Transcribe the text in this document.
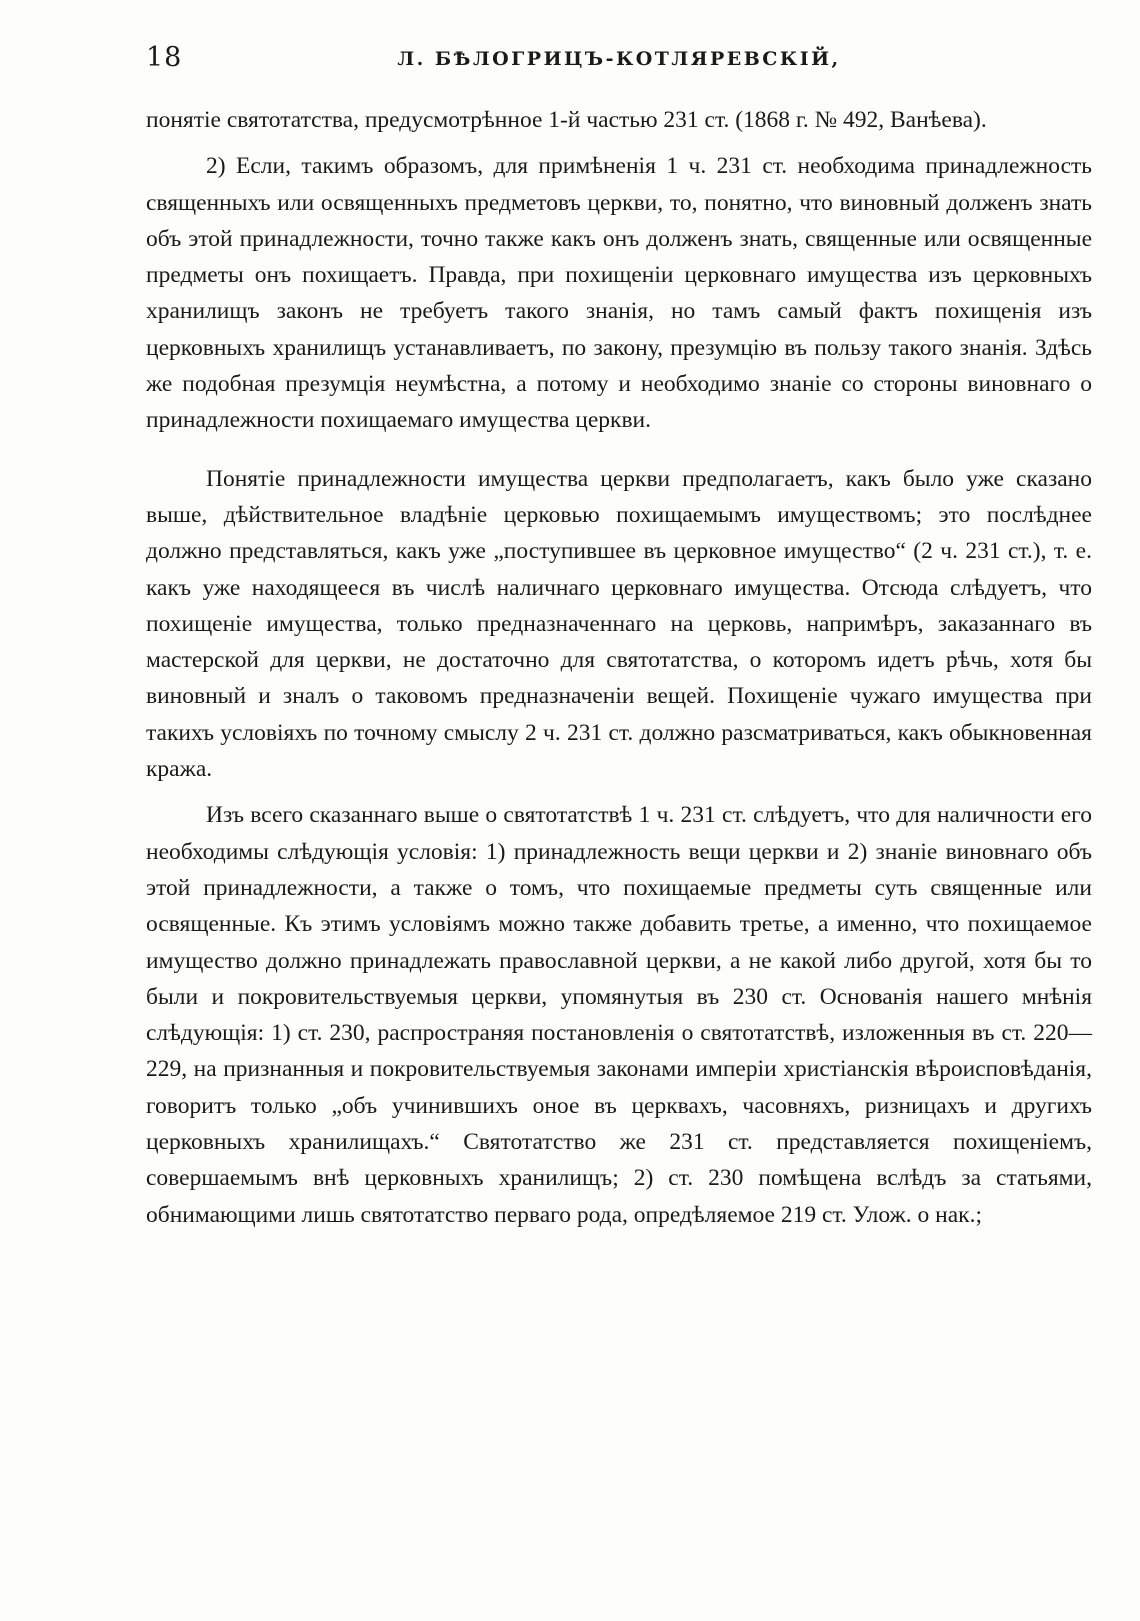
18	Л. БѢЛОГРИЦЪ-КОТЛЯРЕВСКІЙ,

понятіе святотатства, предусмотрѣнное 1-й частью 231 ст. (1868 г. № 492, Ванѣева).

2) Если, такимъ образомъ, для примѣненія 1 ч. 231 ст. необходима принадлежность священныхъ или освященныхъ предметовъ церкви, то, понятно, что виновный долженъ знать объ этой принадлежности, точно также какъ онъ долженъ знать, священные или освященные предметы онъ похищаетъ. Правда, при похищеніи церковнаго имущества изъ церковныхъ хранилищъ законъ не требуетъ такого знанія, но тамъ самый фактъ похищенія изъ церковныхъ хранилищъ устанавливаетъ, по закону, презумцію въ пользу такого знанія. Здѣсь же подобная презумція неумѣстна, а потому и необходимо знаніе со стороны виновнаго о принадлежности похищаемаго имущества церкви.

Понятіе принадлежности имущества церкви предполагаетъ, какъ было уже сказано выше, дѣйствительное владѣніе церковью похищаемымъ имуществомъ; это послѣднее должно представляться, какъ уже „поступившее въ церковное имущество“ (2 ч. 231 ст.), т. е. какъ уже находящееся въ числѣ наличнаго церковнаго имущества. Отсюда слѣдуетъ, что похищеніе имущества, только предназначеннаго на церковь, напримѣръ, заказаннаго въ мастерской для церкви, не достаточно для святотатства, о которомъ идетъ рѣчь, хотя бы виновный и зналъ о таковомъ предназначеніи вещей. Похищеніе чужаго имущества при такихъ условіяхъ по точному смыслу 2 ч. 231 ст. должно разсматриваться, какъ обыкновенная кража.

Изъ всего сказаннаго выше о святотатствѣ 1 ч. 231 ст. слѣдуетъ, что для наличности его необходимы слѣдующія условія: 1) принадлежность вещи церкви и 2) знаніе виновнаго объ этой принадлежности, а также о томъ, что похищаемые предметы суть священные или освященные. Къ этимъ условіямъ можно также добавить третье, а именно, что похищаемое имущество должно принадлежать православной церкви, а не какой либо другой, хотя бы то были и покровительствуемыя церкви, упомянутыя въ 230 ст. Основанія нашего мнѣнія слѣдующія: 1) ст. 230, распространяя постановленія о святотатствѣ, изложенныя въ ст. 220—229, на признанныя и покровительствуемыя законами имперіи христіанскія вѣроисповѣданія, говоритъ только „объ учинившихъ оное въ церквахъ, часовняхъ, ризницахъ и другихъ церковныхъ хранилищахъ.“ Святотатство же 231 ст. представляется похищеніемъ, совершаемымъ внѣ церковныхъ хранилищъ; 2) ст. 230 помѣщена вслѣдъ за статьями, обнимающими лишь святотатство перваго рода, опредѣляемое 219 ст. Улож. о нак.;
